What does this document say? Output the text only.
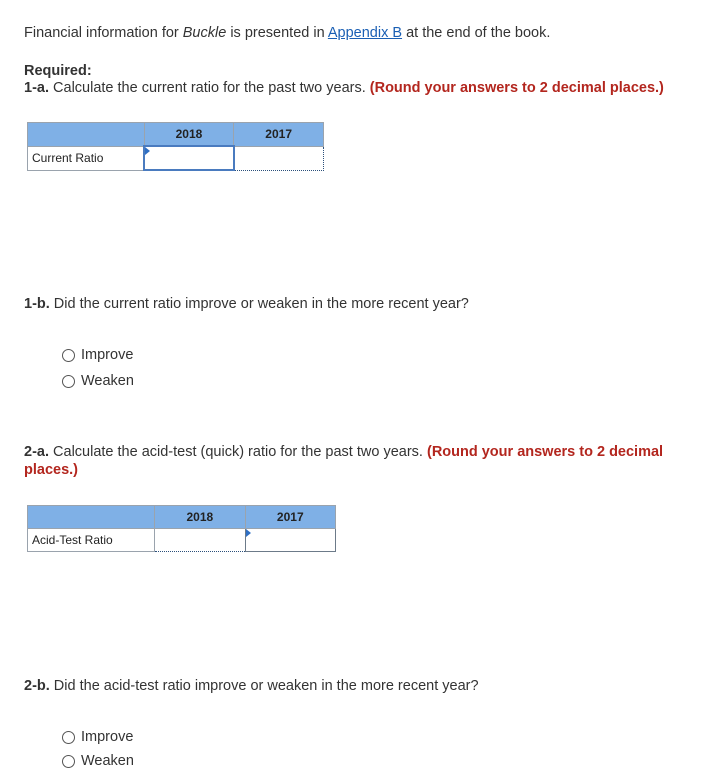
Financial information for Buckle is presented in Appendix B at the end of the book.
Required:
1-a. Calculate the current ratio for the past two years. (Round your answers to 2 decimal places.)
	2018	2017
Current Ratio	

1-b. Did the current ratio improve or weaken in the more recent year?
Improve
Weaken
2-a. Calculate the acid-test (quick) ratio for the past two years. (Round your answers to 2 decimal places.)
	2018	2017
Acid-Test Ratio		
2-b. Did the acid-test ratio improve or weaken in the more recent year?
Improve
Weaken
